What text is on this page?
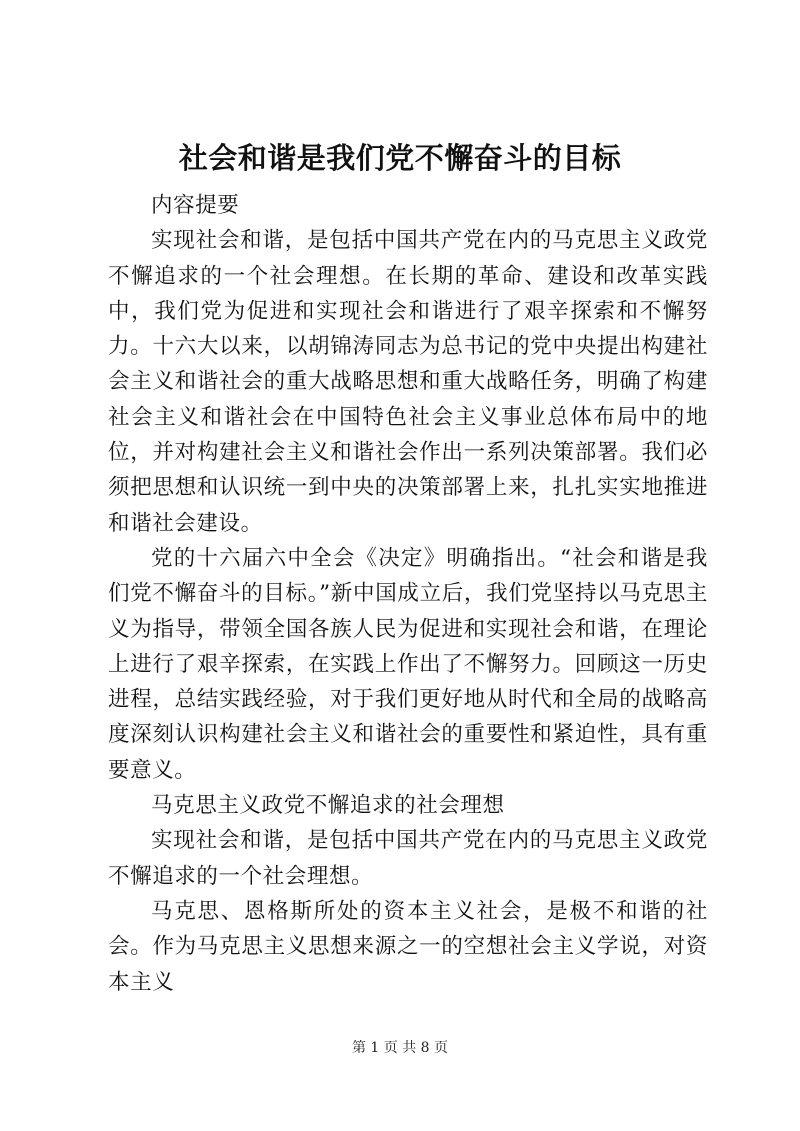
社会和谐是我们党不懈奋斗的目标

内容提要

实现社会和谐，是包括中国共产党在内的马克思主义政党不懈追求的一个社会理想。在长期的革命、建设和改革实践中，我们党为促进和实现社会和谐进行了艰辛探索和不懈努力。十六大以来，以胡锦涛同志为总书记的党中央提出构建社会主义和谐社会的重大战略思想和重大战略任务，明确了构建社会主义和谐社会在中国特色社会主义事业总体布局中的地位，并对构建社会主义和谐社会作出一系列决策部署。我们必须把思想和认识统一到中央的决策部署上来，扎扎实实地推进和谐社会建设。

党的十六届六中全会《决定》明确指出。“社会和谐是我们党不懈奋斗的目标。”新中国成立后，我们党坚持以马克思主义为指导，带领全国各族人民为促进和实现社会和谐，在理论上进行了艰辛探索，在实践上作出了不懈努力。回顾这一历史进程，总结实践经验，对于我们更好地从时代和全局的战略高度深刻认识构建社会主义和谐社会的重要性和紧迫性，具有重要意义。

马克思主义政党不懈追求的社会理想

实现社会和谐，是包括中国共产党在内的马克思主义政党不懈追求的一个社会理想。

马克思、恩格斯所处的资本主义社会，是极不和谐的社会。作为马克思主义思想来源之一的空想社会主义学说，对资本主义

第 1 页 共 8 页
